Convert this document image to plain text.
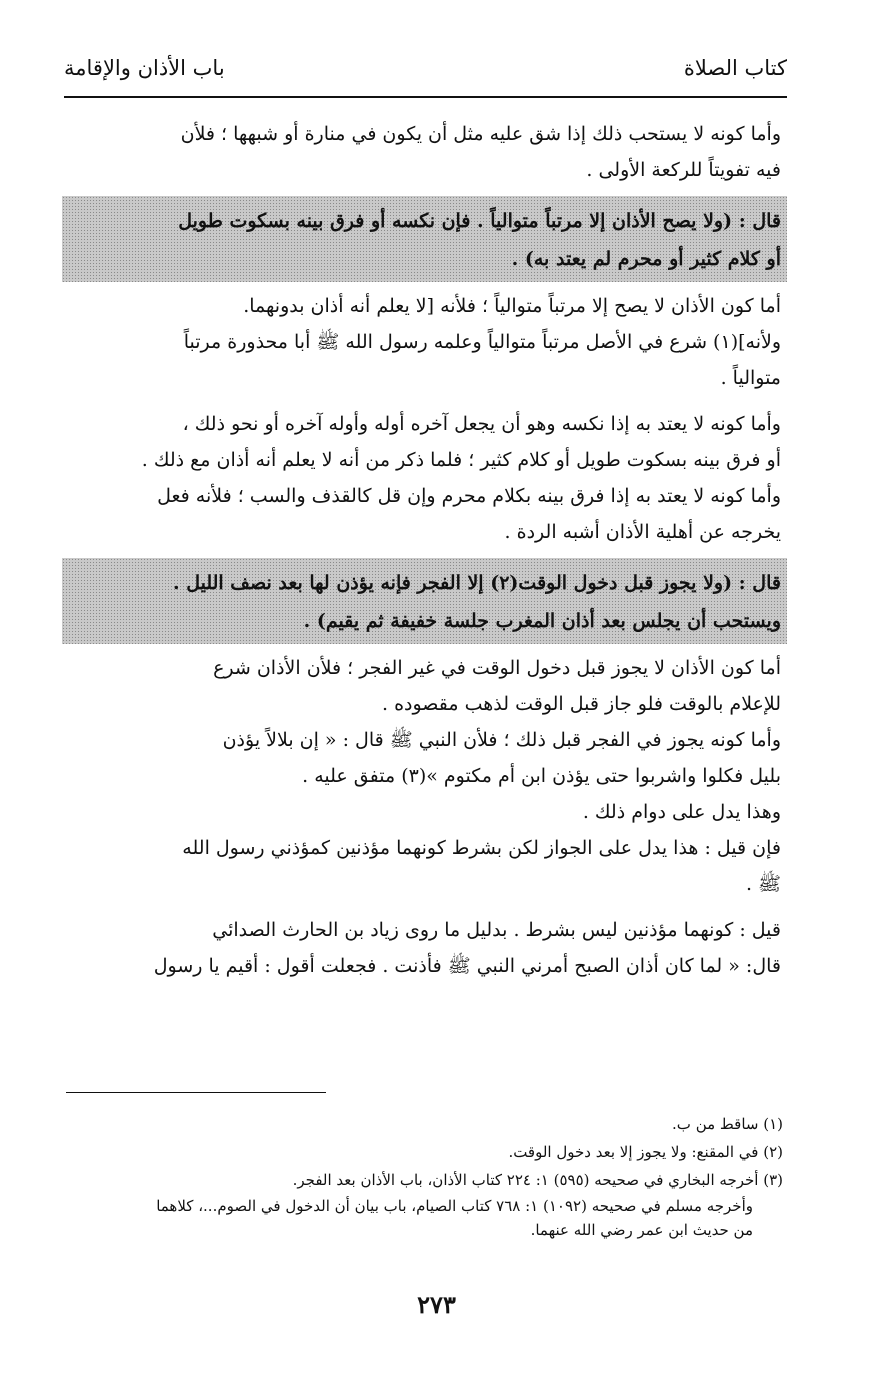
كتاب الصلاة
باب الأذان والإقامة

وأما كونه لا يستحب ذلك إذا شق عليه مثل أن يكون في منارة أو شبهها ؛ فلأن

فيه تفويتاً للركعة الأولى .

قال : (ولا يصح الأذان إلا مرتباً متوالياً . فإن نكسه أو فرق بينه بسكوت طويل
أو كلام كثير أو محرم لم يعتد به) .

أما كون الأذان لا يصح إلا مرتباً متوالياً ؛ فلأنه [لا يعلم أنه أذان بدونهما.

ولأنه](١) شرع في الأصل مرتباً متوالياً وعلمه رسول الله ﷺ أبا محذورة مرتباً

متوالياً .

وأما كونه لا يعتد به إذا نكسه وهو أن يجعل آخره أوله وأوله آخره أو نحو ذلك ،

أو فرق بينه بسكوت طويل أو كلام كثير ؛ فلما ذكر من أنه لا يعلم أنه أذان مع ذلك .

وأما كونه لا يعتد به إذا فرق بينه بكلام محرم وإن قل كالقذف والسب ؛ فلأنه فعل

يخرجه عن أهلية الأذان أشبه الردة .

قال : (ولا يجوز قبل دخول الوقت(٢) إلا الفجر فإنه يؤذن لها بعد نصف الليل .
ويستحب أن يجلس بعد أذان المغرب جلسة خفيفة ثم يقيم) .

أما كون الأذان لا يجوز قبل دخول الوقت في غير الفجر ؛ فلأن الأذان شرع

للإعلام بالوقت فلو جاز قبل الوقت لذهب مقصوده .

وأما كونه يجوز في الفجر قبل ذلك ؛ فلأن النبي ﷺ قال : « إن بلالاً يؤذن

بليل فكلوا واشربوا حتى يؤذن ابن أم مكتوم »(٣) متفق عليه .

وهذا يدل على دوام ذلك .

فإن قيل : هذا يدل على الجواز لكن بشرط كونهما مؤذنين كمؤذني رسول الله

ﷺ .

قيل : كونهما مؤذنين ليس بشرط . بدليل ما روى زياد بن الحارث الصدائي

قال: « لما كان أذان الصبح أمرني النبي ﷺ فأذنت . فجعلت أقول : أقيم يا رسول

(١) ساقط من ب.

(٢) في المقنع: ولا يجوز إلا بعد دخول الوقت.

(٣) أخرجه البخاري في صحيحه (٥٩٥) ١: ٢٢٤ كتاب الأذان، باب الأذان بعد الفجر.

وأخرجه مسلم في صحيحه (١٠٩٢) ١: ٧٦٨ كتاب الصيام، باب بيان أن الدخول في الصوم...، كلاهما

من حديث ابن عمر رضي الله عنهما.

٢٧٣
